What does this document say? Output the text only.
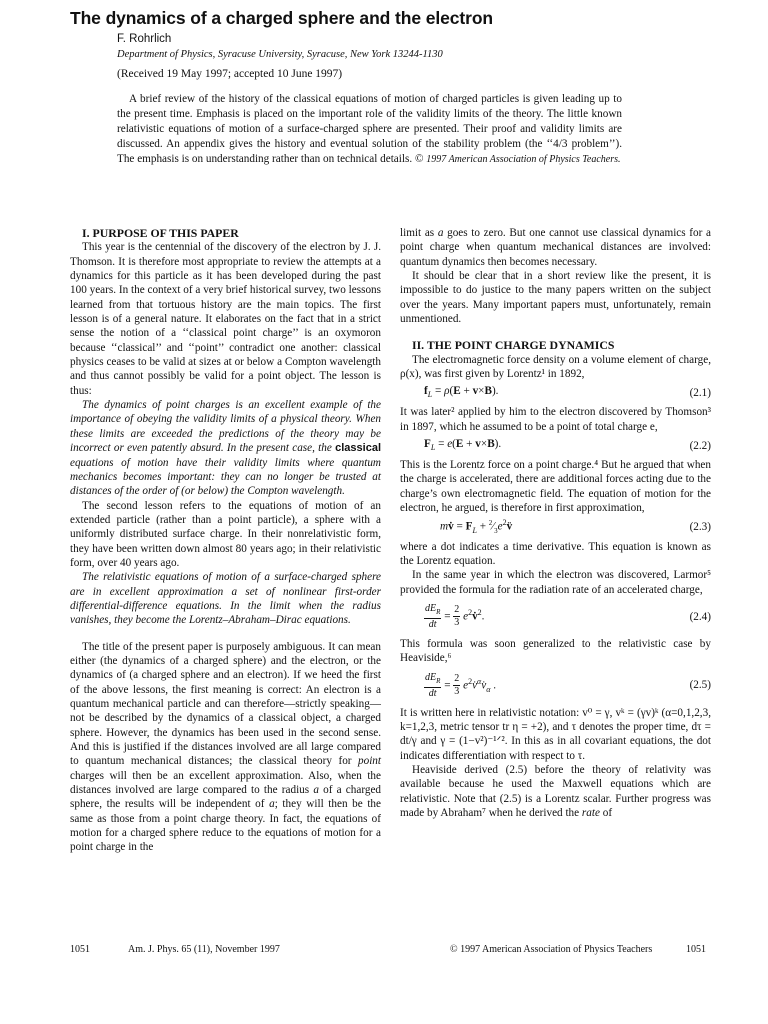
The dynamics of a charged sphere and the electron
F. Rohrlich
Department of Physics, Syracuse University, Syracuse, New York 13244-1130
(Received 19 May 1997; accepted 10 June 1997)

A brief review of the history of the classical equations of motion of charged particles is given leading up to the present time. Emphasis is placed on the important role of the validity limits of the theory. The little known relativistic equations of motion of a surface-charged sphere are presented. Their proof and validity limits are discussed. An appendix gives the history and eventual solution of the stability problem (the ‘‘4/3 problem’’). The emphasis is on understanding rather than on technical details. © 1997 American Association of Physics Teachers.

I. PURPOSE OF THIS PAPER

This year is the centennial of the discovery of the electron by J. J. Thomson. It is therefore most appropriate to review the attempts at a dynamics for this particle as it has been developed during the past 100 years. In the context of a very brief historical survey, two lessons learned from that tortuous history are the main topics. The first lesson is of a general nature. It elaborates on the fact that in a strict sense the notion of a ‘‘classical point charge’’ is an oxymoron because ‘‘classical’’ and ‘‘point’’ contradict one another: classical physics ceases to be valid at sizes at or below a Compton wavelength and thus cannot possibly be valid for a point object. The lesson is thus:

The dynamics of point charges is an excellent example of the importance of obeying the validity limits of a physical theory. When these limits are exceeded the predictions of the theory may be incorrect or even patently absurd. In the present case, the classical equations of motion have their validity limits where quantum mechanics becomes important: they can no longer be trusted at distances of the order of (or below) the Compton wavelength.

The second lesson refers to the equations of motion of an extended particle (rather than a point particle), a sphere with a uniformly distributed surface charge. In their nonrelativistic form, they have been written down almost 80 years ago; in their relativistic form, over 40 years ago.

The relativistic equations of motion of a surface-charged sphere are in excellent approximation a set of nonlinear first-order differential-difference equations. In the limit when the radius vanishes, they become the Lorentz–Abraham–Dirac equations.

The title of the present paper is purposely ambiguous. It can mean either (the dynamics of a charged sphere) and the electron, or the dynamics of (a charged sphere and an electron). If we heed the first of the above lessons, the first meaning is correct: An electron is a quantum mechanical particle and can therefore—strictly speaking—not be described by the dynamics of a classical object, a charged sphere. However, the dynamics has been used in the second sense. And this is justified if the distances involved are all large compared to quantum mechanical distances; the classical theory for point charges will then be an excellent approximation. Also, when the distances involved are large compared to the radius a of a charged sphere, the results will be independent of a; they will then be the same as those from a point charge theory. In fact, the equations of motion for a charged sphere reduce to the equations of motion for a point charge in the

limit as a goes to zero. But one cannot use classical dynamics for a point charge when quantum mechanical distances are involved: quantum dynamics then becomes necessary.

It should be clear that in a short review like the present, it is impossible to do justice to the many papers written on the subject over the years. Many important papers must, unfortunately, remain unmentioned.

II. THE POINT CHARGE DYNAMICS

The electromagnetic force density on a volume element of charge, ρ(x), was first given by Lorentz¹ in 1892,

$f_L = \rho(E + v\times B)$.	(2.1)

It was later² applied by him to the electron discovered by Thomson³ in 1897, which he assumed to be a point of total charge e,

$F_L = e(E + v\times B)$.	(2.2)

This is the Lorentz force on a point charge.⁴ But he argued that when the charge is accelerated, there are additional forces acting due to the charge’s own electromagnetic field. The equation of motion for the electron, he argued, is therefore in first approximation,

mv̇ = $F_L$ + $^2⁄_3e^2v̈$	(2.3)

where a dot indicates a time derivative. This equation is known as the Lorentz equation.

In the same year in which the electron was discovered, Larmor⁵ provided the formula for the radiation rate of an accelerated charge,

$\frac{dE_R}{dt} = \frac{2}{3}$ $e^2v̇^2$.	(2.4)

This formula was soon generalized to the relativistic case by Heaviside,⁶

$\frac{dE_R}{dt} = \frac{2}{3}$ $e^2v̇^\alpha v̇_\alpha$ .	(2.5)

It is written here in relativistic notation: v⁰ = γ, vᵏ = (γv)ᵏ (α=0,1,2,3, k=1,2,3, metric tensor tr η = +2), and τ denotes the proper time, dτ = dt/γ and γ = (1−v²)⁻¹ᐟ². In this as in all covariant equations, the dot indicates differentiation with respect to τ.

Heaviside derived (2.5) before the theory of relativity was available because he used the Maxwell equations which are relativistic. Note that (2.5) is a Lorentz scalar. Further progress was made by Abraham⁷ when he derived the rate of

1051	Am. J. Phys. 65 (11), November 1997	© 1997 American Association of Physics Teachers	1051
